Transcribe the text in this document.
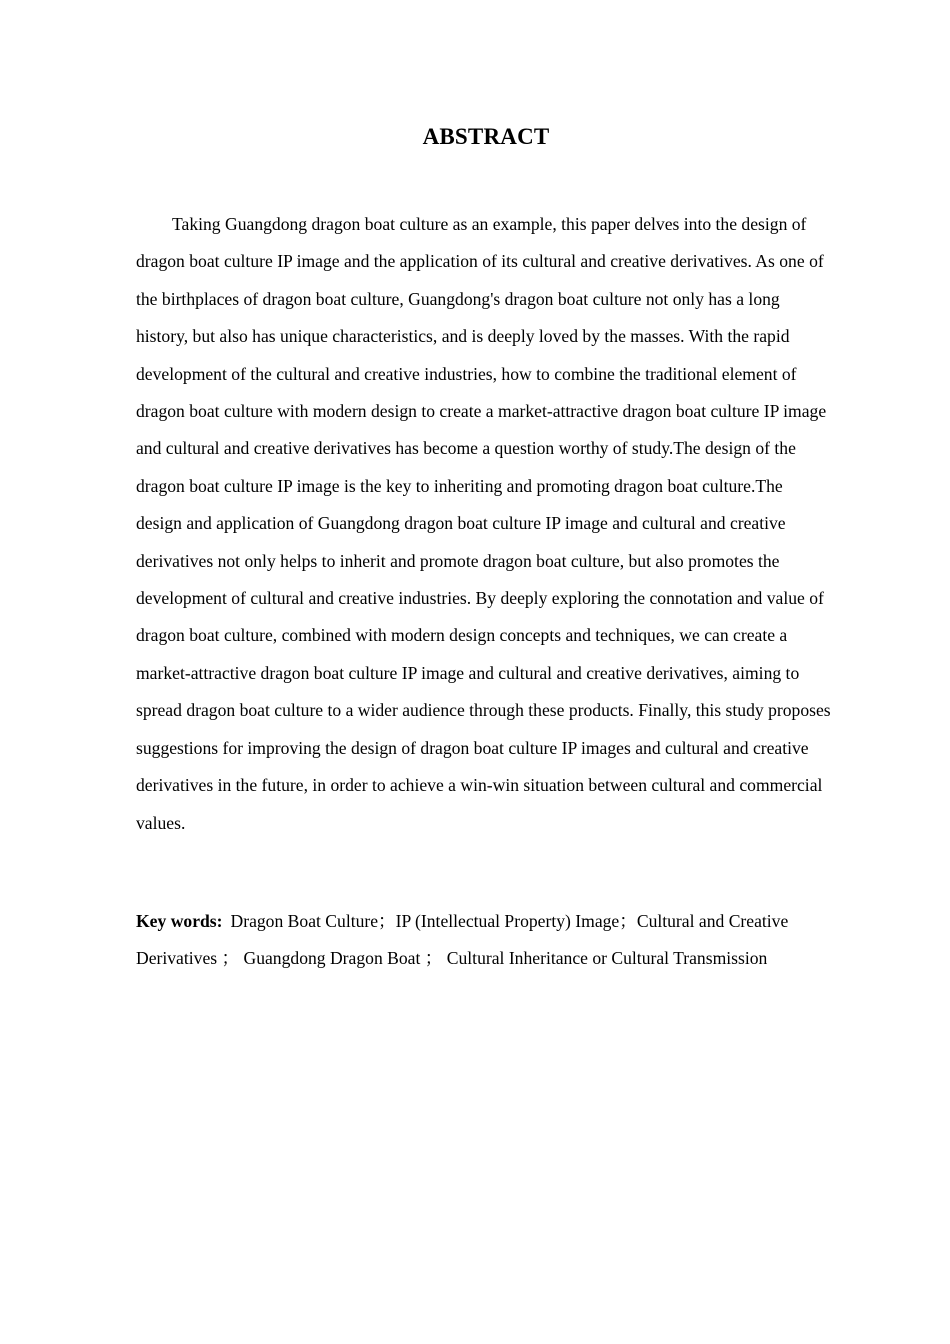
ABSTRACT

Taking Guangdong dragon boat culture as an example, this paper delves into the design of dragon boat culture IP image and the application of its cultural and creative derivatives. As one of the birthplaces of dragon boat culture, Guangdong's dragon boat culture not only has a long history, but also has unique characteristics, and is deeply loved by the masses. With the rapid development of the cultural and creative industries, how to combine the traditional element of dragon boat culture with modern design to create a market-attractive dragon boat culture IP image and cultural and creative derivatives has become a question worthy of study.The design of the dragon boat culture IP image is the key to inheriting and promoting dragon boat culture.The design and application of Guangdong dragon boat culture IP image and cultural and creative derivatives not only helps to inherit and promote dragon boat culture, but also promotes the development of cultural and creative industries. By deeply exploring the connotation and value of dragon boat culture, combined with modern design concepts and techniques, we can create a market-attractive dragon boat culture IP image and cultural and creative derivatives, aiming to spread dragon boat culture to a wider audience through these products. Finally, this study proposes suggestions for improving the design of dragon boat culture IP images and cultural and creative derivatives in the future, in order to achieve a win-win situation between cultural and commercial values.

Key words: Dragon Boat Culture；IP (Intellectual Property) Image；Cultural and Creative Derivatives ； Guangdong Dragon Boat ； Cultural Inheritance or Cultural Transmission
